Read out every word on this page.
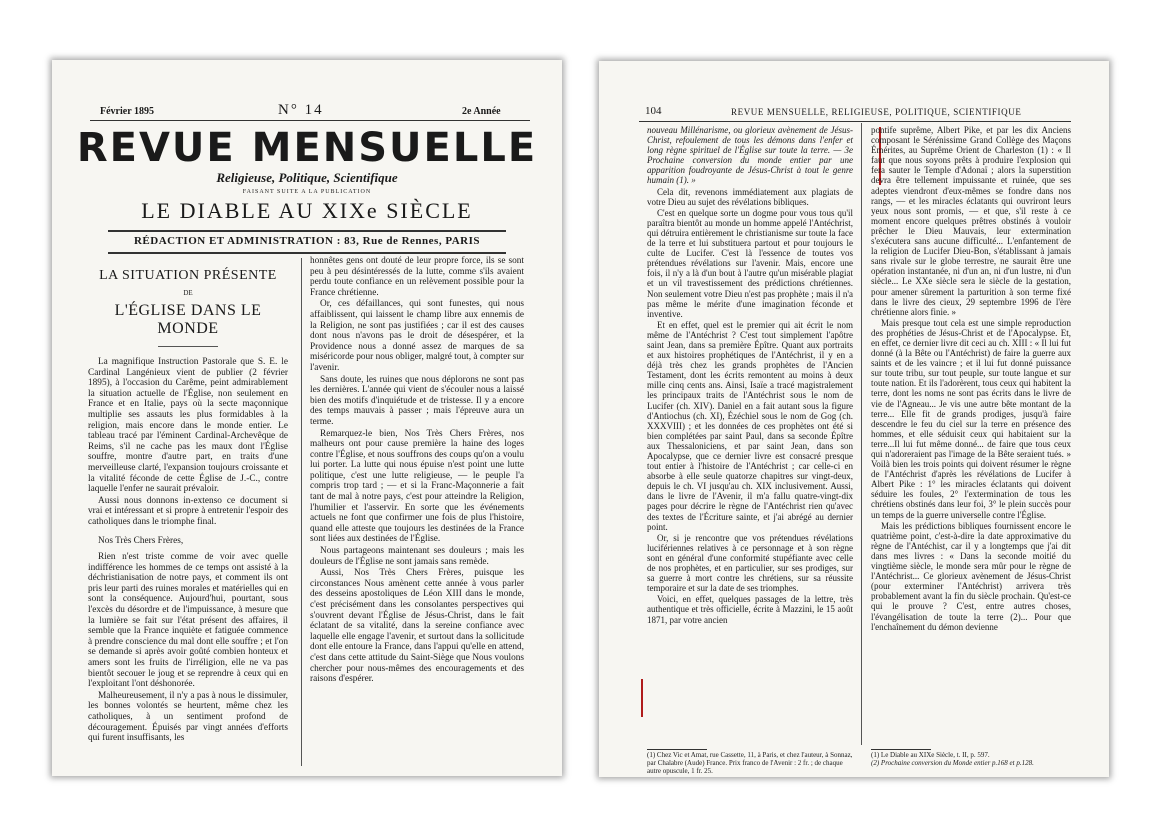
Février 1895	N° 14	2e Année
REVUE MENSUELLE
Religieuse, Politique, Scientifique
FAISANT SUITE A LA PUBLICATION
LE DIABLE AU XIXe SIÈCLE
RÉDACTION ET ADMINISTRATION : 83, Rue de Rennes, PARIS
LA SITUATION PRÉSENTE
DE
L'ÉGLISE DANS LE MONDE

La magnifique Instruction Pastorale que S. E. le Cardinal Langénieux vient de publier (2 février 1895), à l'occasion du Carême, peint admirablement la situation actuelle de l'Église, non seulement en France et en Italie, pays où la secte maçonnique multiplie ses assauts les plus formidables à la religion, mais encore dans le monde entier. Le tableau tracé par l'éminent Cardinal-Archevêque de Reims, s'il ne cache pas les maux dont l'Église souffre, montre d'autre part, en traits d'une merveilleuse clarté, l'expansion toujours croissante et la vitalité féconde de cette Église de J.-C., contre laquelle l'enfer ne saurait prévaloir.

Aussi nous donnons in-extenso ce document si vrai et intéressant et si propre à entretenir l'espoir des catholiques dans le triomphe final.

Nos Très Chers Frères,

Rien n'est triste comme de voir avec quelle indifférence les hommes de ce temps ont assisté à la déchristianisation de notre pays, et comment ils ont pris leur parti des ruines morales et matérielles qui en sont la conséquence. Aujourd'hui, pourtant, sous l'excès du désordre et de l'impuissance, à mesure que la lumière se fait sur l'état présent des affaires, il semble que la France inquiète et fatiguée commence à prendre conscience du mal dont elle souffre ; et l'on se demande si après avoir goûté combien honteux et amers sont les fruits de l'irréligion, elle ne va pas bientôt secouer le joug et se reprendre à ceux qui en l'exploitant l'ont déshonorée.

Malheureusement, il n'y a pas à nous le dissimuler, les bonnes volontés se heurtent, même chez les catholiques, à un sentiment profond de découragement. Épuisés par vingt années d'efforts qui furent insuffisants, les

honnêtes gens ont douté de leur propre force, ils se sont peu à peu désintéressés de la lutte, comme s'ils avaient perdu toute confiance en un relèvement possible pour la France chrétienne.

Or, ces défaillances, qui sont funestes, qui nous affaiblissent, qui laissent le champ libre aux ennemis de la Religion, ne sont pas justifiées ; car il est des causes dont nous n'avons pas le droit de désespérer, et la Providence nous a donné assez de marques de sa miséricorde pour nous obliger, malgré tout, à compter sur l'avenir.

Sans doute, les ruines que nous déplorons ne sont pas les dernières. L'année qui vient de s'écouler nous a laissé bien des motifs d'inquiétude et de tristesse. Il y a encore des temps mauvais à passer ; mais l'épreuve aura un terme.

Remarquez-le bien, Nos Très Chers Frères, nos malheurs ont pour cause première la haine des loges contre l'Église, et nous souffrons des coups qu'on a voulu lui porter. La lutte qui nous épuise n'est point une lutte politique, c'est une lutte religieuse, — le peuple l'a compris trop tard ; — et si la Franc-Maçonnerie a fait tant de mal à notre pays, c'est pour atteindre la Religion, l'humilier et l'asservir. En sorte que les événements actuels ne font que confirmer une fois de plus l'histoire, quand elle atteste que toujours les destinées de la France sont liées aux destinées de l'Église.

Nous partageons maintenant ses douleurs ; mais les douleurs de l'Église ne sont jamais sans remède.

Aussi, Nos Très Chers Frères, puisque les circonstances Nous amènent cette année à vous parler des desseins apostoliques de Léon XIII dans le monde, c'est précisément dans les consolantes perspectives qui s'ouvrent devant l'Église de Jésus-Christ, dans le fait éclatant de sa vitalité, dans la sereine confiance avec laquelle elle engage l'avenir, et surtout dans la sollicitude dont elle entoure la France, dans l'appui qu'elle en attend, c'est dans cette attitude du Saint-Siège que Nous voulons chercher pour nous-mêmes des encouragements et des raisons d'espérer.

104	REVUE MENSUELLE, RELIGIEUSE, POLITIQUE, SCIENTIFIQUE

nouveau Millénarisme, ou glorieux avènement de Jésus-Christ, refoulement de tous les démons dans l'enfer et long règne spirituel de l'Église sur toute la terre. — 3e Prochaine conversion du monde entier par une apparition foudroyante de Jésus-Christ à tout le genre humain (1). »

Cela dit, revenons immédiatement aux plagiats de votre Dieu au sujet des révélations bibliques.

C'est en quelque sorte un dogme pour vous tous qu'il paraîtra bientôt au monde un homme appelé l'Antéchrist, qui détruira entièrement le christianisme sur toute la face de la terre et lui substituera partout et pour toujours le culte de Lucifer. C'est là l'essence de toutes vos prétendues révélations sur l'avenir. Mais, encore une fois, il n'y a là d'un bout à l'autre qu'un misérable plagiat et un vil travestissement des prédictions chrétiennes. Non seulement votre Dieu n'est pas prophète ; mais il n'a pas même le mérite d'une imagination féconde et inventive.

Et en effet, quel est le premier qui ait écrit le nom même de l'Antéchrist ? C'est tout simplement l'apôtre saint Jean, dans sa première Épître. Quant aux portraits et aux histoires prophétiques de l'Antéchrist, il y en a déjà très chez les grands prophètes de l'Ancien Testament, dont les écrits remontent au moins à deux mille cinq cents ans. Ainsi, Isaïe a tracé magistralement les principaux traits de l'Antéchrist sous le nom de Lucifer (ch. XIV). Daniel en a fait autant sous la figure d'Antiochus (ch. XI), Ézéchiel sous le nom de Gog (ch. XXXVIII) ; et les données de ces prophètes ont été si bien complétées par saint Paul, dans sa seconde Épître aux Thessaloniciens, et par saint Jean, dans son Apocalypse, que ce dernier livre est consacré presque tout entier à l'histoire de l'Antéchrist ; car celle-ci en absorbe à elle seule quatorze chapitres sur vingt-deux, depuis le ch. VI jusqu'au ch. XIX inclusivement. Aussi, dans le livre de l'Avenir, il m'a fallu quatre-vingt-dix pages pour décrire le règne de l'Antéchrist rien qu'avec des textes de l'Écriture sainte, et j'ai abrégé au dernier point.

Or, si je rencontre que vos prétendues révélations lucifériennes relatives à ce personnage et à son règne sont en général d'une conformité stupéfiante avec celle de nos prophètes, et en particulier, sur ses prodiges, sur sa guerre à mort contre les chrétiens, sur sa réussite temporaire et sur la date de ses triomphes.

Voici, en effet, quelques passages de la lettre, très authentique et très officielle, écrite à Mazzini, le 15 août 1871, par votre ancien

pontife suprême, Albert Pike, et par les dix Anciens composant le Sérénissime Grand Collège des Maçons Émérites, au Suprême Orient de Charleston (1) : « Il faut que nous soyons prêts à produire l'explosion qui fera sauter le Temple d'Adonaï ; alors la superstition devra être tellement impuissante et ruinée, que ses adeptes viendront d'eux-mêmes se fondre dans nos rangs, — et les miracles éclatants qui ouvriront leurs yeux nous sont promis, — et que, s'il reste à ce moment encore quelques prêtres obstinés à vouloir prêcher le Dieu Mauvais, leur extermination s'exécutera sans aucune difficulté... L'enfantement de la religion de Lucifer Dieu-Bon, s'établissant à jamais sans rivale sur le globe terrestre, ne saurait être une opération instantanée, ni d'un an, ni d'un lustre, ni d'un siècle... Le XXe siècle sera le siècle de la gestation, pour amener sûrement la parturition à son terme fixé dans le livre des cieux, 29 septembre 1996 de l'ère chrétienne alors finie. »

Mais presque tout cela est une simple reproduction des prophéties de Jésus-Christ et de l'Apocalypse. Et, en effet, ce dernier livre dit ceci au ch. XIII : « Il lui fut donné (à la Bête ou l'Antéchrist) de faire la guerre aux saints et de les vaincre ; et il lui fut donné puissance sur toute tribu, sur tout peuple, sur toute langue et sur toute nation. Et ils l'adorèrent, tous ceux qui habitent la terre, dont les noms ne sont pas écrits dans le livre de vie de l'Agneau... Je vis une autre bête montant de la terre... Elle fit de grands prodiges, jusqu'à faire descendre le feu du ciel sur la terre en présence des hommes, et elle séduisit ceux qui habitaient sur la terre...Il lui fut même donné... de faire que tous ceux qui n'adoreraient pas l'image de la Bête seraient tués. » Voilà bien les trois points qui doivent résumer le règne de l'Antéchrist d'après les révélations de Lucifer à Albert Pike : 1° les miracles éclatants qui doivent séduire les foules, 2° l'extermination de tous les chrétiens obstinés dans leur foi, 3° le plein succès pour un temps de la guerre universelle contre l'Église.

Mais les prédictions bibliques fournissent encore le quatrième point, c'est-à-dire la date approximative du règne de l'Antéchist, car il y a longtemps que j'ai dit dans mes livres : « Dans la seconde moitié du vingtième siècle, le monde sera mûr pour le règne de l'Antéchrist... Ce glorieux avènement de Jésus-Christ (pour exterminer l'Antéchrist) arrivera très probablement avant la fin du siècle prochain. Qu'est-ce qui le prouve ? C'est, entre autres choses, l'évangélisation de toute la terre (2)... Pour que l'enchaînement du démon devienne

(1) Chez Vic et Amat, rue Cassette, 11, à Paris, et chez l'auteur, à Sonnaz, par Chalabre (Aude) France. Prix franco de l'Avenir : 2 fr. ; de chaque autre opuscule, 1 fr. 25.
(1) Le Diable au XIXe Siècle, t. II, p. 597.
(2) Prochaine conversion du Monde entier p.168 et p.128.
